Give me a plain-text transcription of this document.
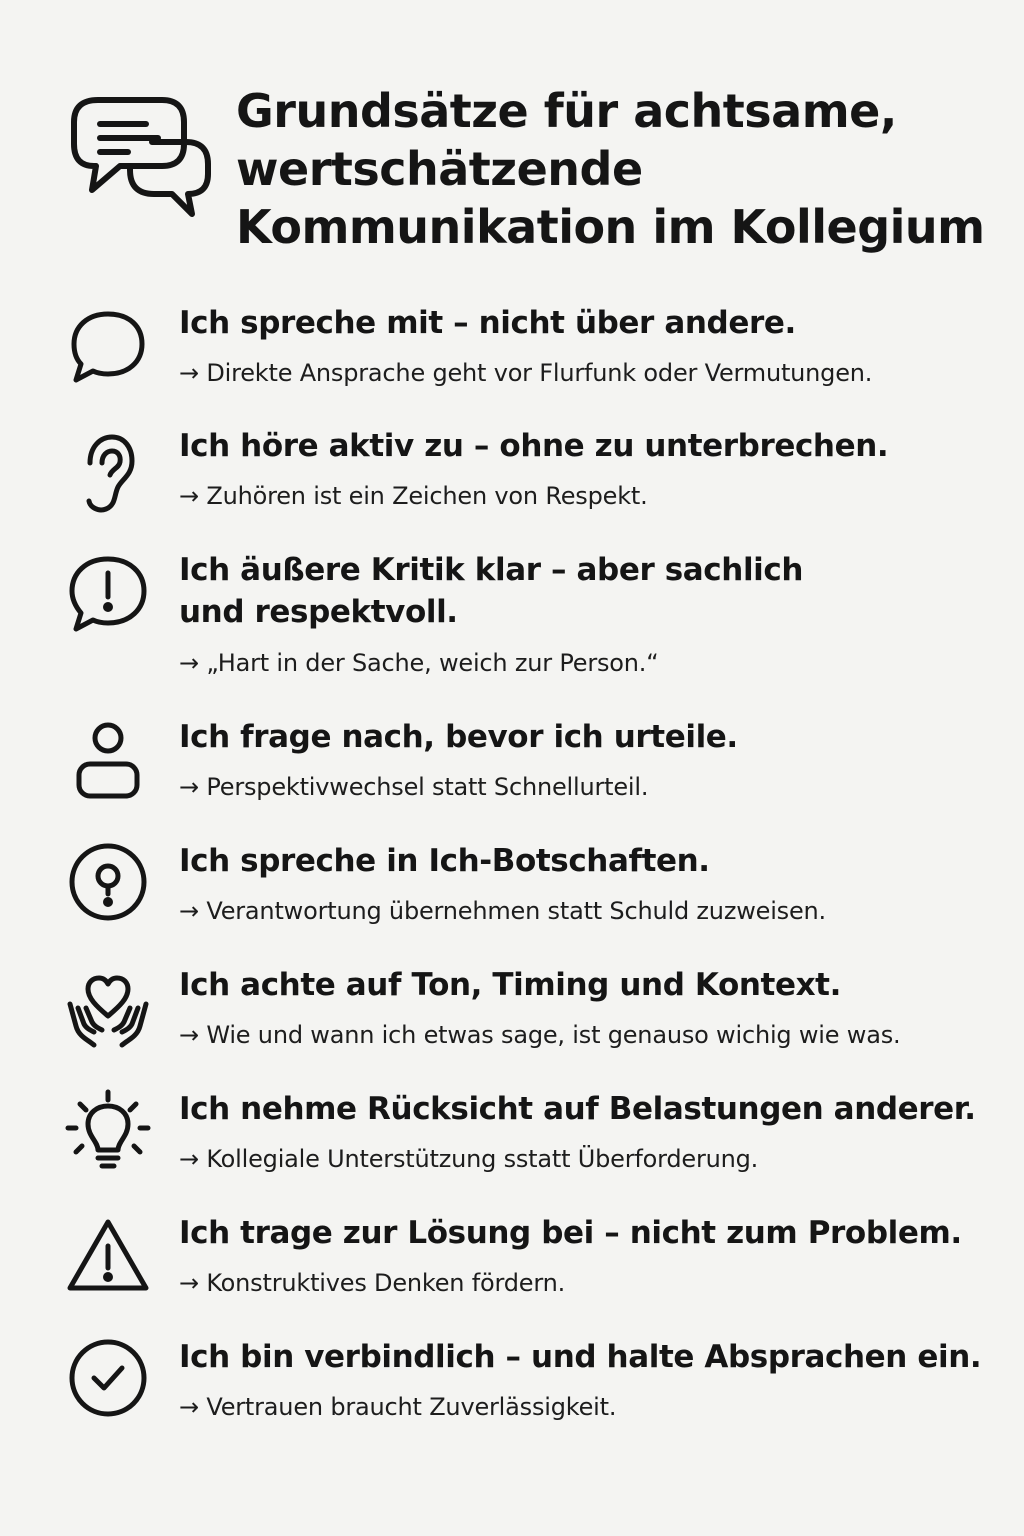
Grundsätze für achtsame,
wertschätzende
Kommunikation im Kollegium
Ich spreche mit – nicht über andere.

→ Direkte Ansprache geht vor Flurfunk oder Vermutungen.

Ich höre aktiv zu – ohne zu unterbrechen.

→ Zuhören ist ein Zeichen von Respekt.

Ich äußere Kritik klar – aber sachlich
und respektvoll.

→ „Hart in der Sache, weich zur Person.“

Ich frage nach, bevor ich urteile.

→ Perspektivwechsel statt Schnellurteil.

Ich spreche in Ich-Botschaften.

→ Verantwortung übernehmen statt Schuld zuzweisen.

Ich achte auf Ton, Timing und Kontext.

→ Wie und wann ich etwas sage, ist genauso wichig wie was.

Ich nehme Rücksicht auf Belastungen anderer.

→ Kollegiale Unterstützung sstatt Überforderung.

Ich trage zur Lösung bei – nicht zum Problem.

→ Konstruktives Denken fördern.

Ich bin verbindlich – und halte Absprachen ein.

→ Vertrauen braucht Zuverlässigkeit.
